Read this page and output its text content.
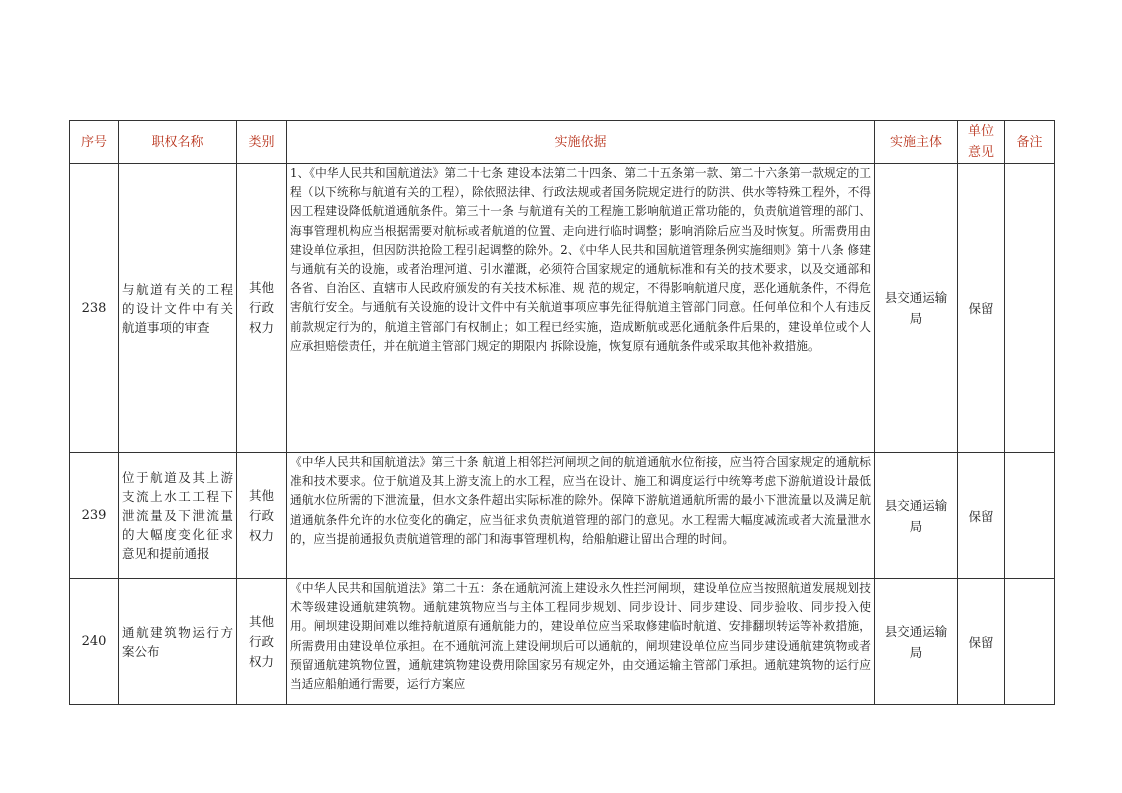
序号	职权名称	类别	实施依据	实施主体	单位意见	备注
238	与航道有关的工程的设计文件中有关航道事项的审查	其他行政权力	1、《中华人民共和国航道法》第二十七条 建设本法第二十四条、第二十五条第一款、第二十六条第一款规定的工程（以下统称与航道有关的工程），除依照法律、行政法规或者国务院规定进行的防洪、供水等特殊工程外，不得因工程建设降低航道通航条件。第三十一条 与航道有关的工程施工影响航道正常功能的，负责航道管理的部门、海事管理机构应当根据需要对航标或者航道的位置、走向进行临时调整；影响消除后应当及时恢复。所需费用由建设单位承担，但因防洪抢险工程引起调整的除外。2、《中华人民共和国航道管理条例实施细则》第十八条 修建与通航有关的设施，或者治理河道、引水灌溉，必须符合国家规定的通航标准和有关的技术要求，以及交通部和各省、自治区、直辖市人民政府颁发的有关技术标准、规 范的规定，不得影响航道尺度，恶化通航条件，不得危害航行安全。与通航有关设施的设计文件中有关航道事项应事先征得航道主管部门同意。任何单位和个人有违反前款规定行为的，航道主管部门有权制止；如工程已经实施，造成断航或恶化通航条件后果的，建设单位或个人应承担赔偿责任，并在航道主管部门规定的期限内 拆除设施，恢复原有通航条件或采取其他补救措施。	县交通运输局	保留	
239	位于航道及其上游支流上水工工程下泄流量及下泄流量的大幅度变化征求意见和提前通报	其他行政权力	《中华人民共和国航道法》第三十条 航道上相邻拦河闸坝之间的航道通航水位衔接，应当符合国家规定的通航标准和技术要求。位于航道及其上游支流上的水工程，应当在设计、施工和调度运行中统筹考虑下游航道设计最低通航水位所需的下泄流量，但水文条件超出实际标准的除外。保障下游航道通航所需的最小下泄流量以及满足航道通航条件允许的水位变化的确定，应当征求负责航道管理的部门的意见。水工程需大幅度减流或者大流量泄水的，应当提前通报负责航道管理的部门和海事管理机构，给船舶避让留出合理的时间。	县交通运输局	保留	
240	通航建筑物运行方案公布	其他行政权力	《中华人民共和国航道法》第二十五：条在通航河流上建设永久性拦河闸坝，建设单位应当按照航道发展规划技术等级建设通航建筑物。通航建筑物应当与主体工程同步规划、同步设计、同步建设、同步验收、同步投入使用。闸坝建设期间难以维持航道原有通航能力的，建设单位应当采取修建临时航道、安排翻坝转运等补救措施，所需费用由建设单位承担。在不通航河流上建设闸坝后可以通航的，闸坝建设单位应当同步建设通航建筑物或者预留通航建筑物位置，通航建筑物建设费用除国家另有规定外，由交通运输主管部门承担。通航建筑物的运行应当适应船舶通行需要，运行方案应	县交通运输局	保留	
